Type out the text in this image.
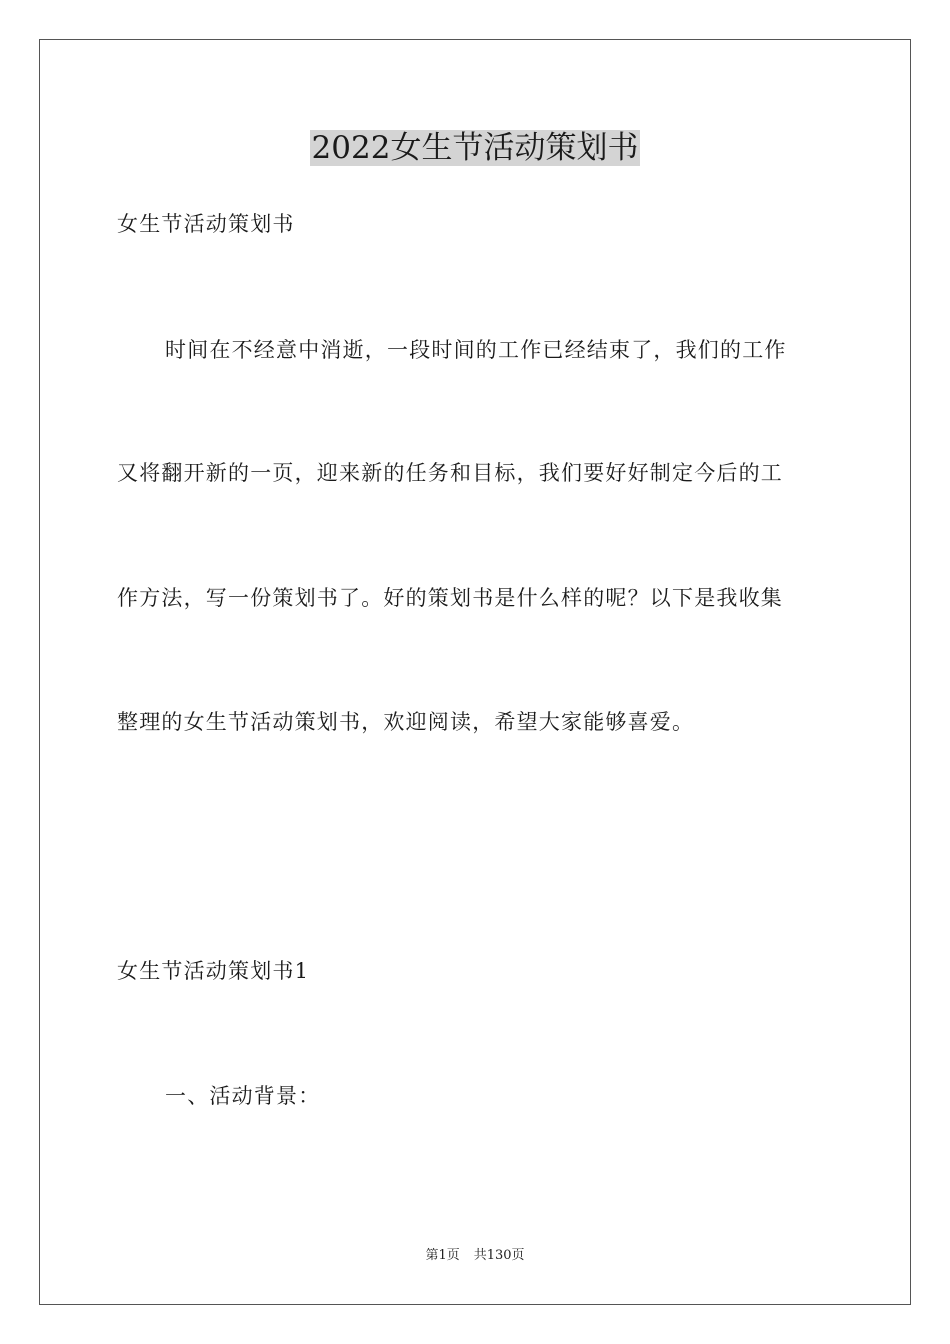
2022女生节活动策划书
女生节活动策划书
时间在不经意中消逝，一段时间的工作已经结束了，我们的工作
又将翻开新的一页，迎来新的任务和目标，我们要好好制定今后的工
作方法，写一份策划书了。好的策划书是什么样的呢？以下是我收集
整理的女生节活动策划书，欢迎阅读，希望大家能够喜爱。
女生节活动策划书1
一、活动背景：
第1页 共130页
